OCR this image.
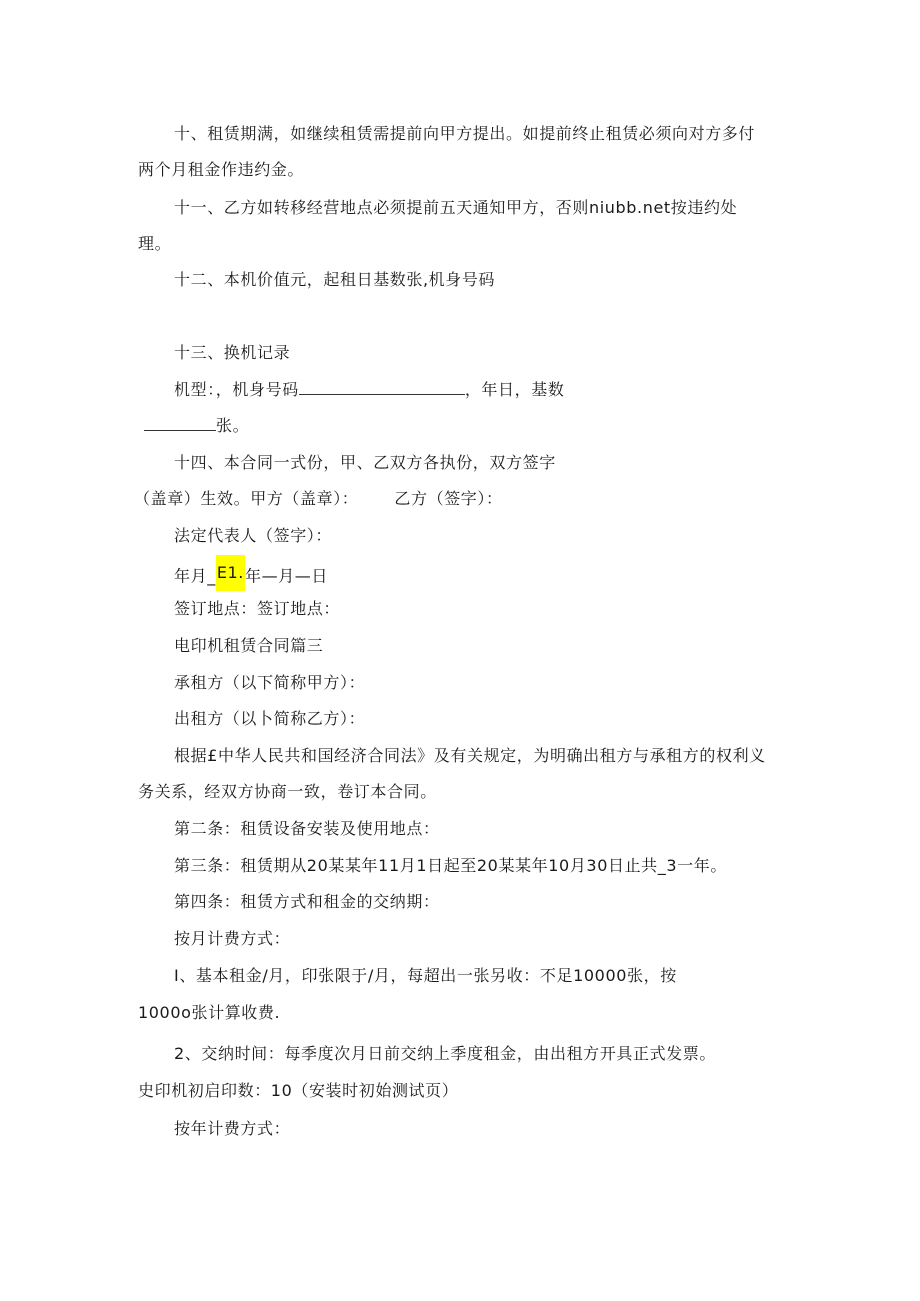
十、租赁期满，如继续租赁需提前向甲方提出。如提前终止租赁必须向对方多付
两个月租金作违约金。
十一、乙方如转移经营地点必须提前五天通知甲方，否则niubb.net按违约处
理。
十二、本机价值元，起租日基数张,机身号码
十三、换机记录
机型：，机身号码	，年日，基数
张。
十四、本合同一式份，甲、乙双方各执份，双方签字
（盖章）生效。甲方（盖章）： 乙方（签字）：
法定代表人（签字）：
年月_E1.年—月—日
签订地点：签订地点：
电印机租赁合同篇三
承租方（以下简称甲方）：
出租方（以卜简称乙方）：
根据£中华人民共和国经济合同法》及有关规定，为明确出租方与承租方的权利义
务关系，经双方协商一致，卷订本合同。
第二条：租赁设备安装及使用地点：
第三条：租赁期从20某某年11月1日起至20某某年10月30日止共_3一年。
第四条：租赁方式和租金的交纳期：
按月计费方式：
I、基本租金/月，印张限于/月，每超出一张另收：不足10000张，按
1000o张计算收费.
2、交纳时间：每季度次月日前交纳上季度租金，由出租方开具正式发票。
史印机初启印数：10（安装时初始测试页）
按年计费方式：
